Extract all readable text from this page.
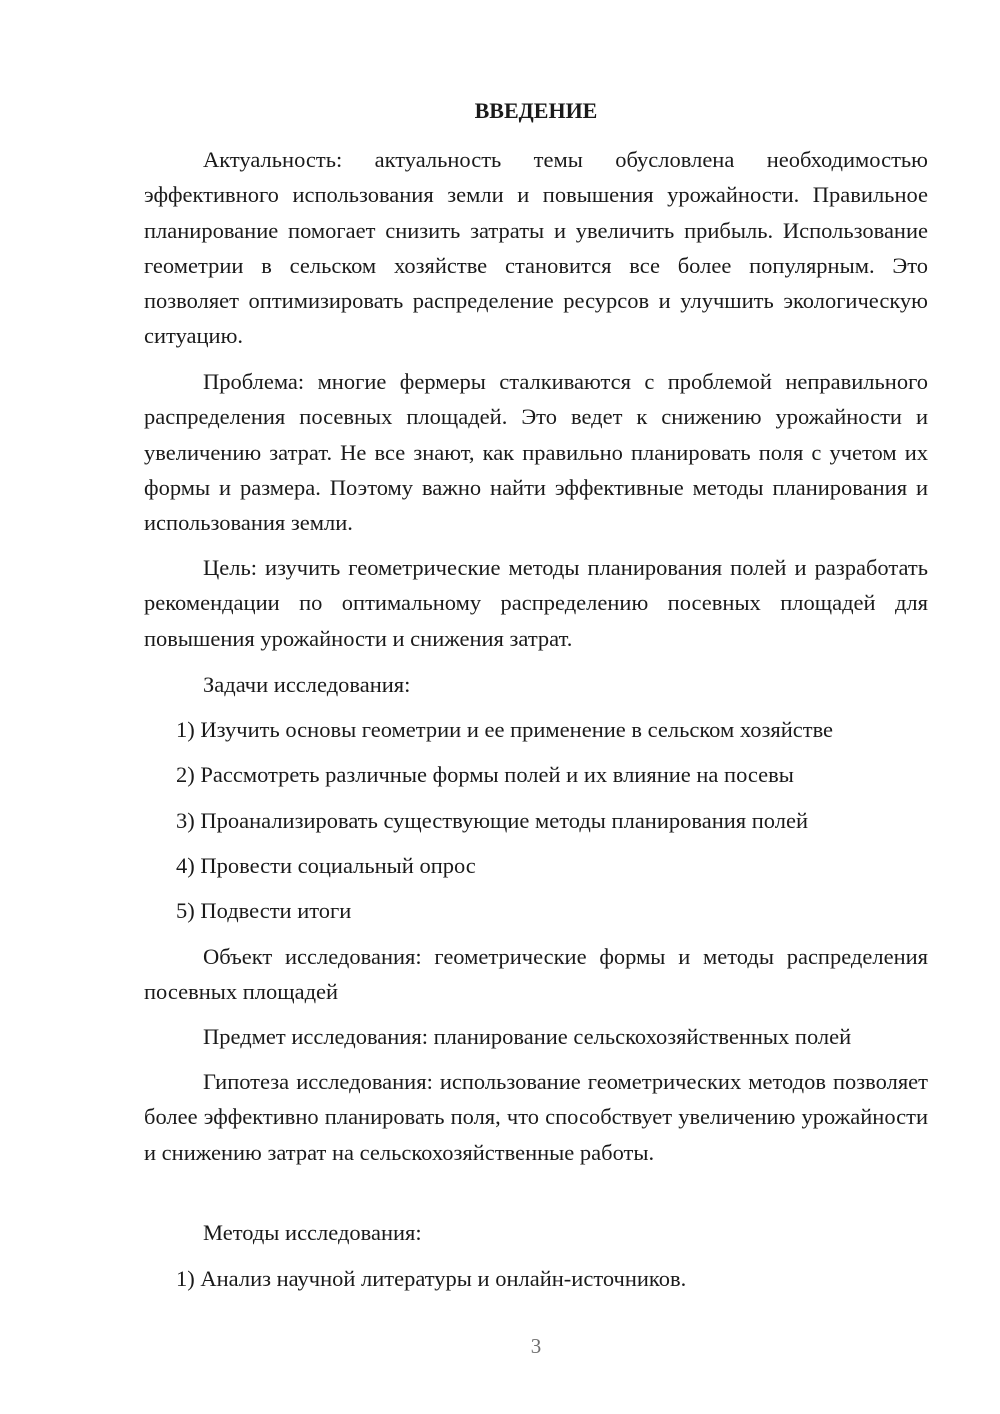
ВВЕДЕНИЕ

Актуальность: актуальность темы обусловлена необходимостью эффективного использования земли и повышения урожайности. Правильное планирование помогает снизить затраты и увеличить прибыль. Использование геометрии в сельском хозяйстве становится все более популярным. Это позволяет оптимизировать распределение ресурсов и улучшить экологическую ситуацию.

Проблема: многие фермеры сталкиваются с проблемой неправильного распределения посевных площадей. Это ведет к снижению урожайности и увеличению затрат. Не все знают, как правильно планировать поля с учетом их формы и размера. Поэтому важно найти эффективные методы планирования и использования земли.

Цель: изучить геометрические методы планирования полей и разработать рекомендации по оптимальному распределению посевных площадей для повышения урожайности и снижения затрат.

Задачи исследования:

1) Изучить основы геометрии и ее применение в сельском хозяйстве

2) Рассмотреть различные формы полей и их влияние на посевы

3) Проанализировать существующие методы планирования полей

4) Провести социальный опрос

5) Подвести итоги

Объект исследования: геометрические формы и методы распределения посевных площадей

Предмет исследования: планирование сельскохозяйственных полей

Гипотеза исследования: использование геометрических методов позволяет более эффективно планировать поля, что способствует увеличению урожайности и снижению затрат на сельскохозяйственные работы.

Методы исследования:

1) Анализ научной литературы и онлайн-источников.

3
